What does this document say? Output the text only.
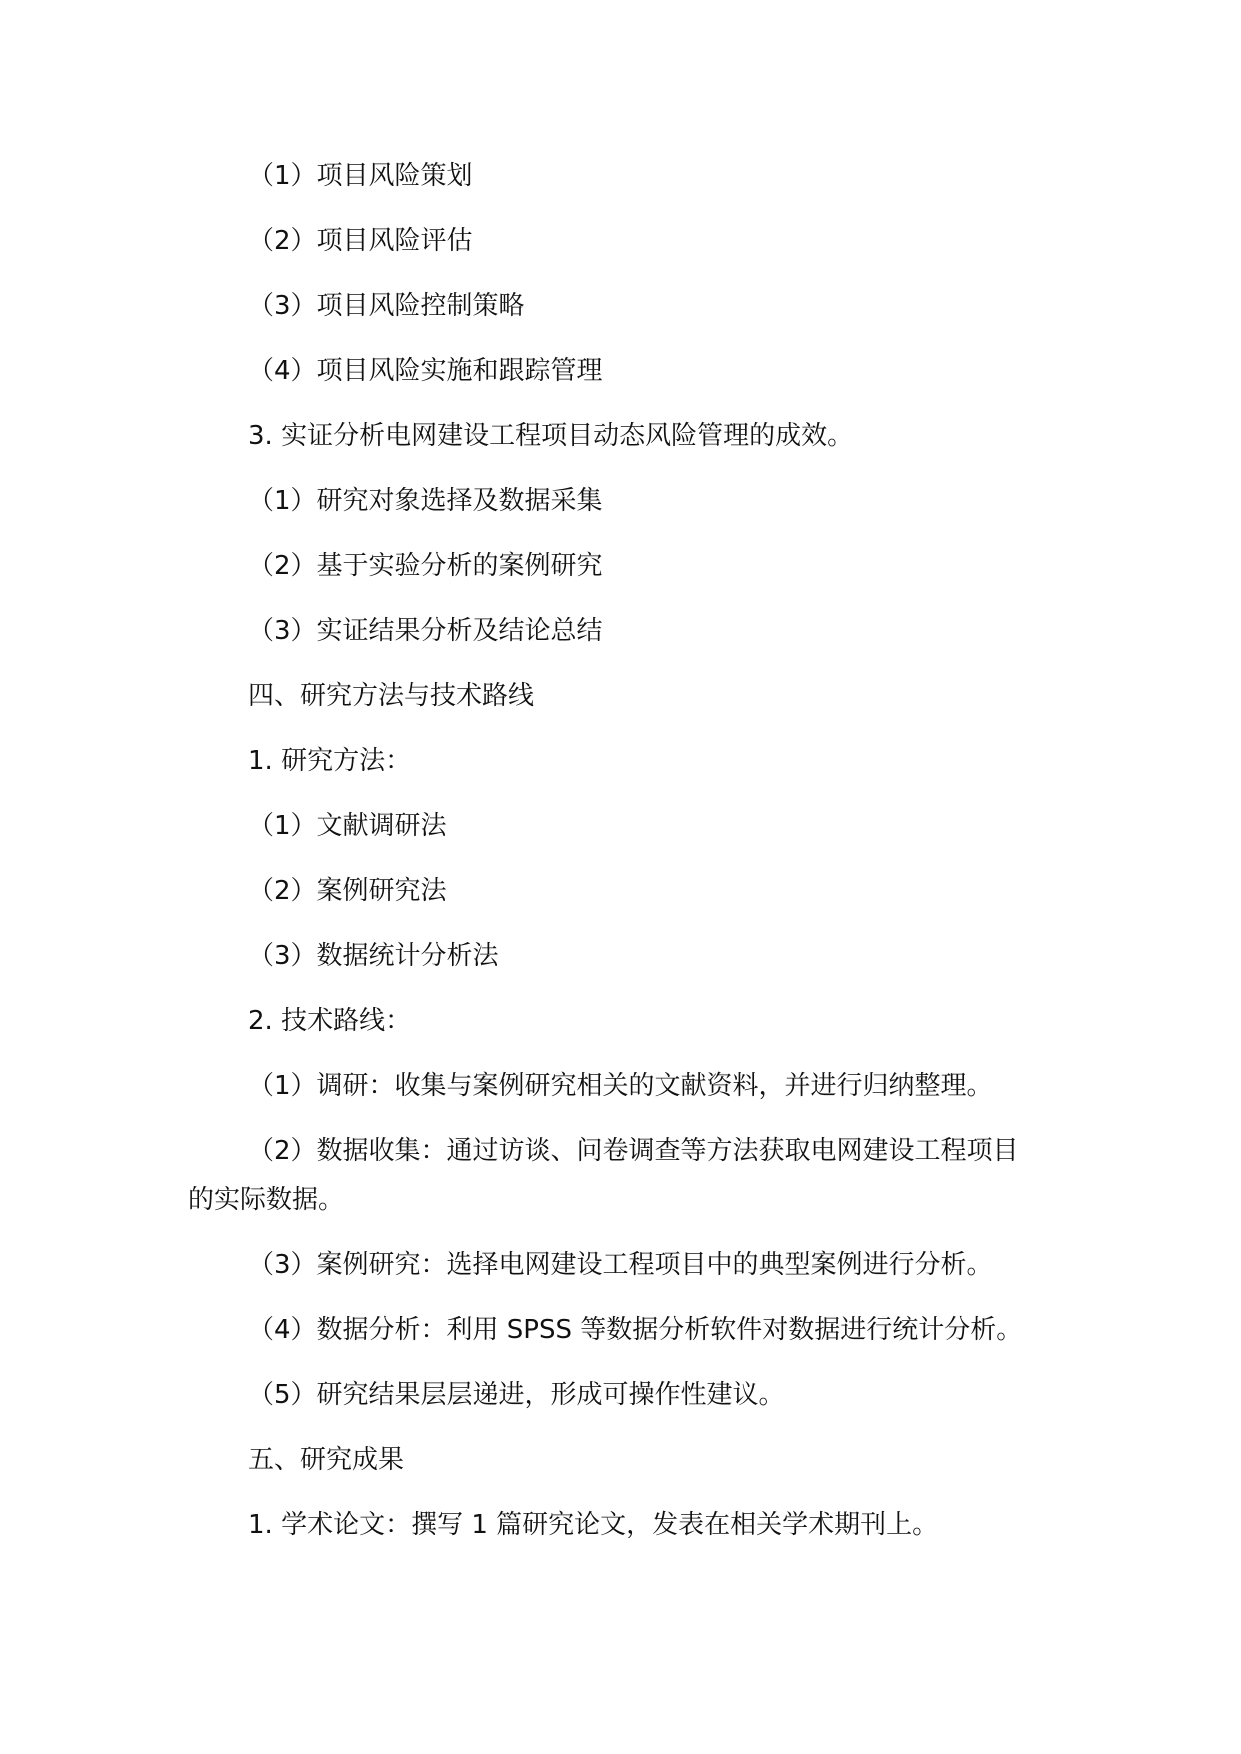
（1）项目风险策划
（2）项目风险评估
（3）项目风险控制策略
（4）项目风险实施和跟踪管理
3. 实证分析电网建设工程项目动态风险管理的成效。
（1）研究对象选择及数据采集
（2）基于实验分析的案例研究
（3）实证结果分析及结论总结
四、研究方法与技术路线
1. 研究方法：
（1）文献调研法
（2）案例研究法
（3）数据统计分析法
2. 技术路线：
（1）调研：收集与案例研究相关的文献资料，并进行归纳整理。
（2）数据收集：通过访谈、问卷调查等方法获取电网建设工程项目
的实际数据。
（3）案例研究：选择电网建设工程项目中的典型案例进行分析。
（4）数据分析：利用 SPSS 等数据分析软件对数据进行统计分析。
（5）研究结果层层递进，形成可操作性建议。
五、研究成果
1. 学术论文：撰写 1 篇研究论文，发表在相关学术期刊上。
